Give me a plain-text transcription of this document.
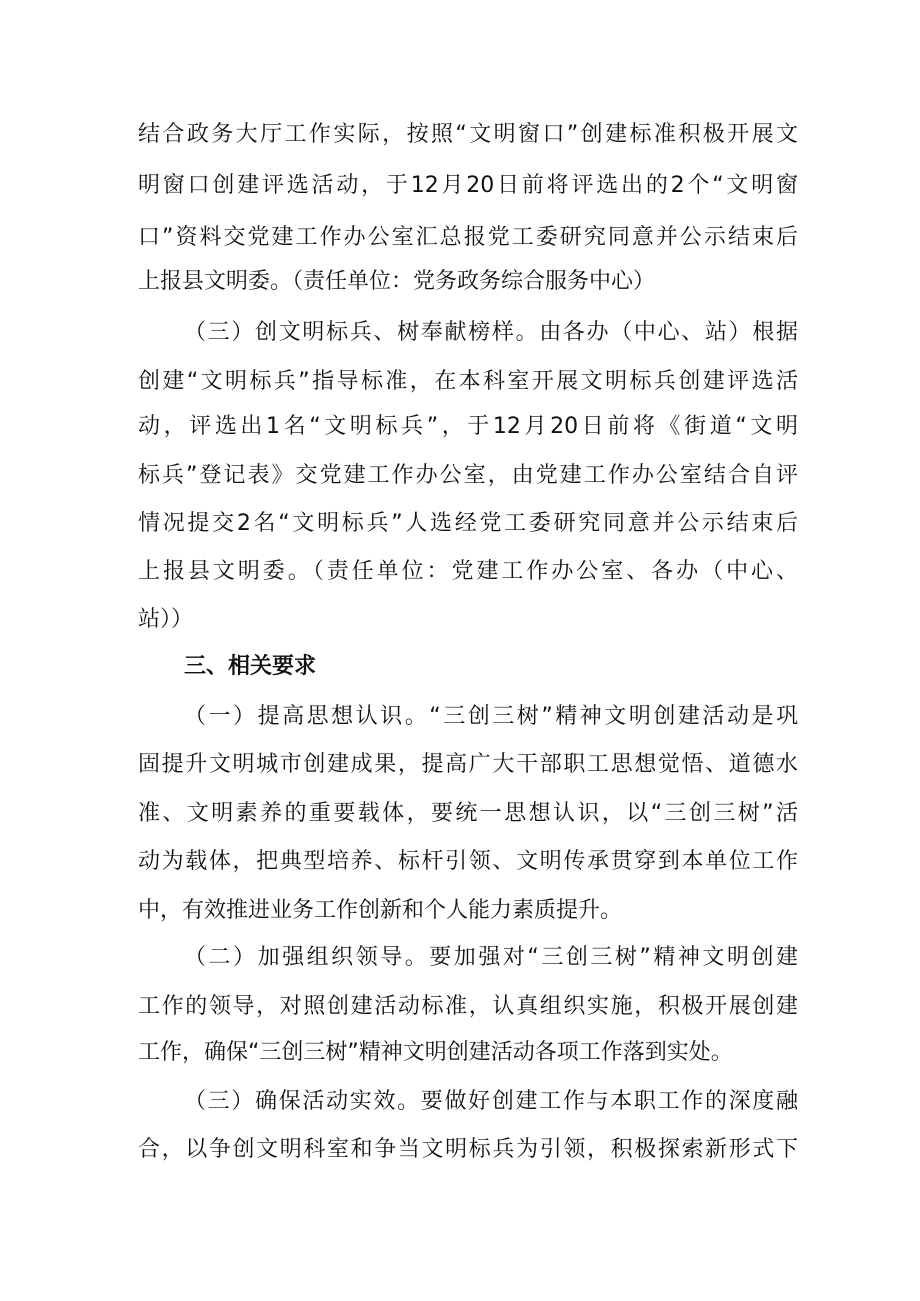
结合政务大厅工作实际，按照“文明窗口”创建标准积极开展文
明窗口创建评选活动，于12月20日前将评选出的2个“文明窗
口”资料交党建工作办公室汇总报党工委研究同意并公示结束后
上报县文明委。（责任单位：党务政务综合服务中心）
（三）创文明标兵、树奉献榜样。由各办（中心、站）根据
创建“文明标兵”指导标准，在本科室开展文明标兵创建评选活
动，评选出1名“文明标兵”，于12月20日前将《街道“文明
标兵”登记表》交党建工作办公室，由党建工作办公室结合自评
情况提交2名“文明标兵”人选经党工委研究同意并公示结束后
上报县文明委。（责任单位：党建工作办公室、各办（中心、
站））
三、相关要求
（一）提高思想认识。“三创三树”精神文明创建活动是巩
固提升文明城市创建成果，提高广大干部职工思想觉悟、道德水
准、文明素养的重要载体，要统一思想认识，以“三创三树”活
动为载体，把典型培养、标杆引领、文明传承贯穿到本单位工作
中，有效推进业务工作创新和个人能力素质提升。
（二）加强组织领导。要加强对“三创三树”精神文明创建
工作的领导，对照创建活动标准，认真组织实施，积极开展创建
工作，确保“三创三树”精神文明创建活动各项工作落到实处。
（三）确保活动实效。要做好创建工作与本职工作的深度融
合，以争创文明科室和争当文明标兵为引领，积极探索新形式下
